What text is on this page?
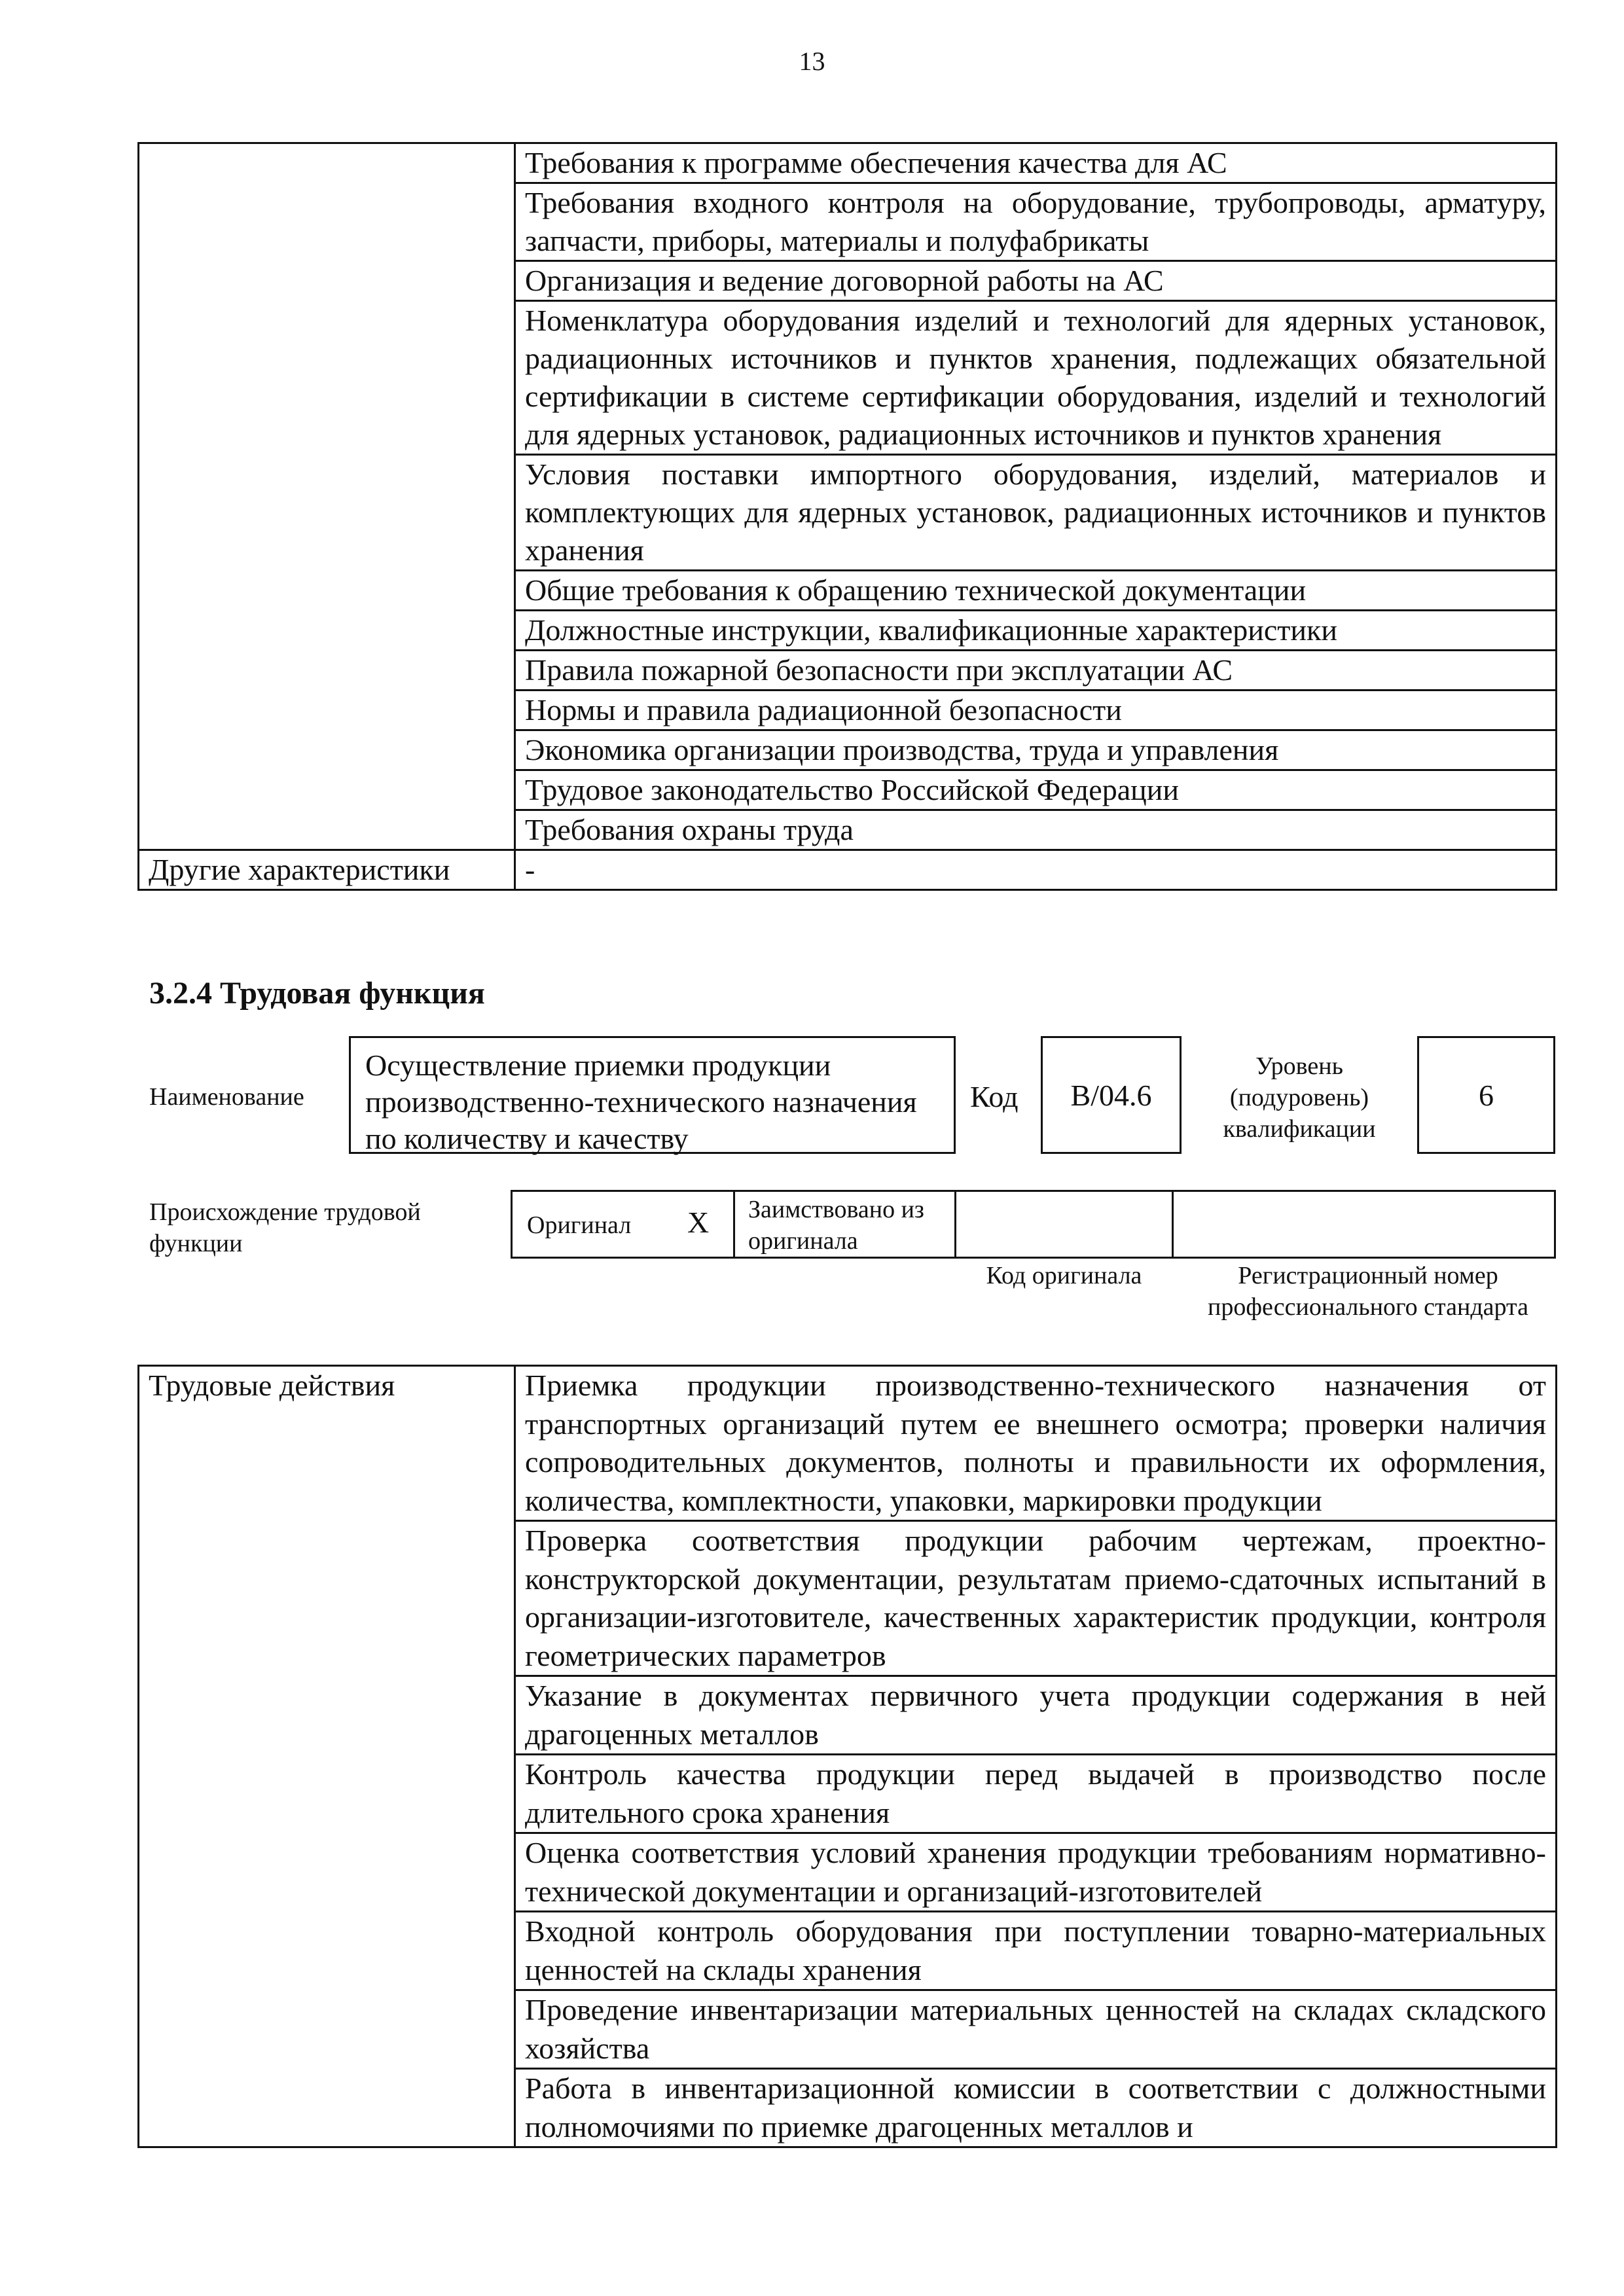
13
	Требования к программе обеспечения качества для АС
	Требования входного контроля на оборудование, трубопроводы, арматуру, запчасти, приборы, материалы и полуфабрикаты
	Организация и ведение договорной работы на АС
	Номенклатура оборудования изделий и технологий для ядерных установок, радиационных источников и пунктов хранения, подлежащих обязательной сертификации в системе сертификации оборудования, изделий и технологий для ядерных установок, радиационных источников и пунктов хранения
	Условия поставки импортного оборудования, изделий, материалов и комплектующих для ядерных установок, радиационных источников и пунктов хранения
	Общие требования к обращению технической документации
	Должностные инструкции, квалификационные характеристики
	Правила пожарной безопасности при эксплуатации АС
	Нормы и правила радиационной безопасности
	Экономика организации производства, труда и управления
	Трудовое законодательство Российской Федерации
	Требования охраны труда
Другие характеристики	-
3.2.4 Трудовая функция
Наименование
Осуществление приемки продукции производственно-технического назначения по количеству и качеству
Код	B/04.6
Уровень
(подуровень)
квалификации
6
Происхождение трудовой функции
Оригинал X Заимствовано из оригинала
Код оригинала	Регистрационный номер профессионального стандарта
Трудовые действия	Приемка продукции производственно-технического назначения от транспортных организаций путем ее внешнего осмотра; проверки наличия сопроводительных документов, полноты и правильности их оформления, количества, комплектности, упаковки, маркировки продукции
Проверка соответствия продукции рабочим чертежам, проектно-конструкторской документации, результатам приемо-сдаточных испытаний в организации-изготовителе, качественных характеристик продукции, контроля геометрических параметров
Указание в документах первичного учета продукции содержания в ней драгоценных металлов
Контроль качества продукции перед выдачей в производство после длительного срока хранения
Оценка соответствия условий хранения продукции требованиям нормативно-технической документации и организаций-изготовителей
Входной контроль оборудования при поступлении товарно-материальных ценностей на склады хранения
Проведение инвентаризации материальных ценностей на складах складского хозяйства
Работа в инвентаризационной комиссии в соответствии с должностными полномочиями по приемке драгоценных металлов и
